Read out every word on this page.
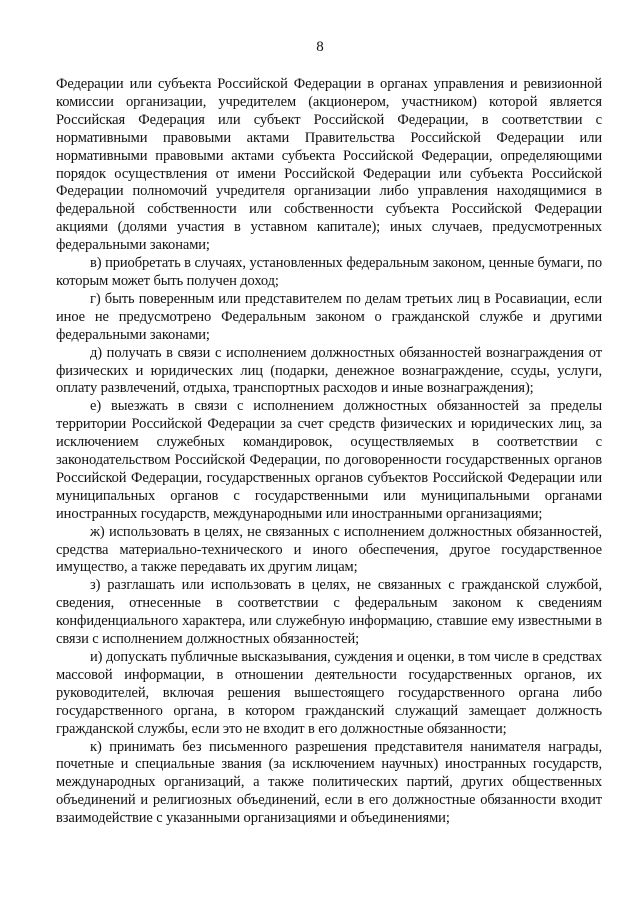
8

Федерации или субъекта Российской Федерации в органах управления и ревизионной комиссии организации, учредителем (акционером, участником) которой является Российская Федерация или субъект Российской Федерации, в соответствии с нормативными правовыми актами Правительства Российской Федерации или нормативными правовыми актами субъекта Российской Федерации, определяющими порядок осуществления от имени Российской Федерации или субъекта Российской Федерации полномочий учредителя организации либо управления находящимися в федеральной собственности или собственности субъекта Российской Федерации акциями (долями участия в уставном капитале); иных случаев, предусмотренных федеральными законами;

в) приобретать в случаях, установленных федеральным законом, ценные бумаги, по которым может быть получен доход;

г) быть поверенным или представителем по делам третьих лиц в Росавиации, если иное не предусмотрено Федеральным законом о гражданской службе и другими федеральными законами;

д) получать в связи с исполнением должностных обязанностей вознаграждения от физических и юридических лиц (подарки, денежное вознаграждение, ссуды, услуги, оплату развлечений, отдыха, транспортных расходов и иные вознаграждения);

е) выезжать в связи с исполнением должностных обязанностей за пределы территории Российской Федерации за счет средств физических и юридических лиц, за исключением служебных командировок, осуществляемых в соответствии с законодательством Российской Федерации, по договоренности государственных органов Российской Федерации, государственных органов субъектов Российской Федерации или муниципальных органов с государственными или муниципальными органами иностранных государств, международными или иностранными организациями;

ж) использовать в целях, не связанных с исполнением должностных обязанностей, средства материально-технического и иного обеспечения, другое государственное имущество, а также передавать их другим лицам;

з) разглашать или использовать в целях, не связанных с гражданской службой, сведения, отнесенные в соответствии с федеральным законом к сведениям конфиденциального характера, или служебную информацию, ставшие ему известными в связи с исполнением должностных обязанностей;

и) допускать публичные высказывания, суждения и оценки, в том числе в средствах массовой информации, в отношении деятельности государственных органов, их руководителей, включая решения вышестоящего государственного органа либо государственного органа, в котором гражданский служащий замещает должность гражданской службы, если это не входит в его должностные обязанности;

к) принимать без письменного разрешения представителя нанимателя награды, почетные и специальные звания (за исключением научных) иностранных государств, международных организаций, а также политических партий, других общественных объединений и религиозных объединений, если в его должностные обязанности входит взаимодействие с указанными организациями и объединениями;
